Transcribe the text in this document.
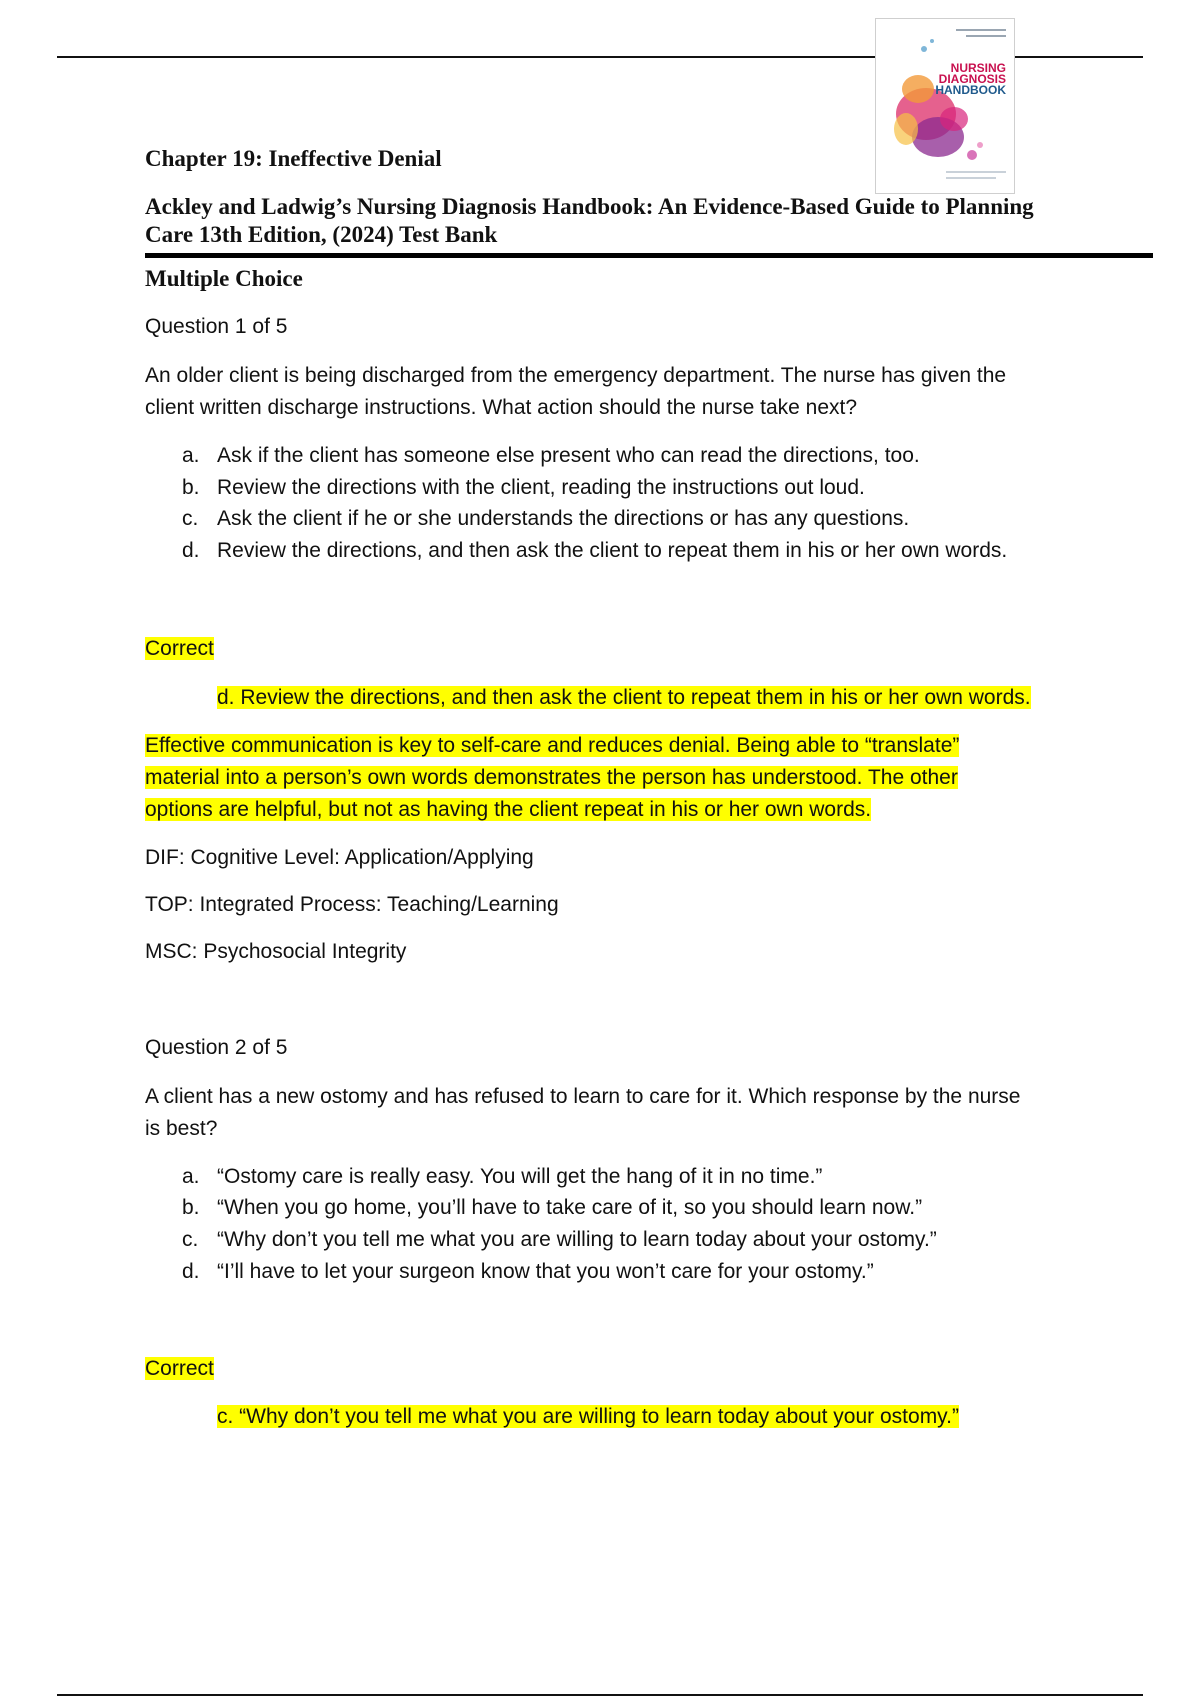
NURSING
DIAGNOSIS
HANDBOOK
Chapter 19: Ineffective Denial
Ackley and Ladwig’s Nursing Diagnosis Handbook: An Evidence-Based Guide to Planning
Care 13th Edition, (2024) Test Bank
Multiple Choice
Question 1 of 5
An older client is being discharged from the emergency department. The nurse has given the
client written discharge instructions. What action should the nurse take next?
a. Ask if the client has someone else present who can read the directions, too.
b. Review the directions with the client, reading the instructions out loud.
c. Ask the client if he or she understands the directions or has any questions.
d. Review the directions, and then ask the client to repeat them in his or her own words.
Correct
d. Review the directions, and then ask the client to repeat them in his or her own words.
Effective communication is key to self-care and reduces denial. Being able to “translate”
material into a person’s own words demonstrates the person has understood. The other
options are helpful, but not as having the client repeat in his or her own words.
DIF: Cognitive Level: Application/Applying
TOP: Integrated Process: Teaching/Learning
MSC: Psychosocial Integrity
Question 2 of 5
A client has a new ostomy and has refused to learn to care for it. Which response by the nurse
is best?
a. “Ostomy care is really easy. You will get the hang of it in no time.”
b. “When you go home, you’ll have to take care of it, so you should learn now.”
c. “Why don’t you tell me what you are willing to learn today about your ostomy.”
d. “I’ll have to let your surgeon know that you won’t care for your ostomy.”
Correct
c. “Why don’t you tell me what you are willing to learn today about your ostomy.”
